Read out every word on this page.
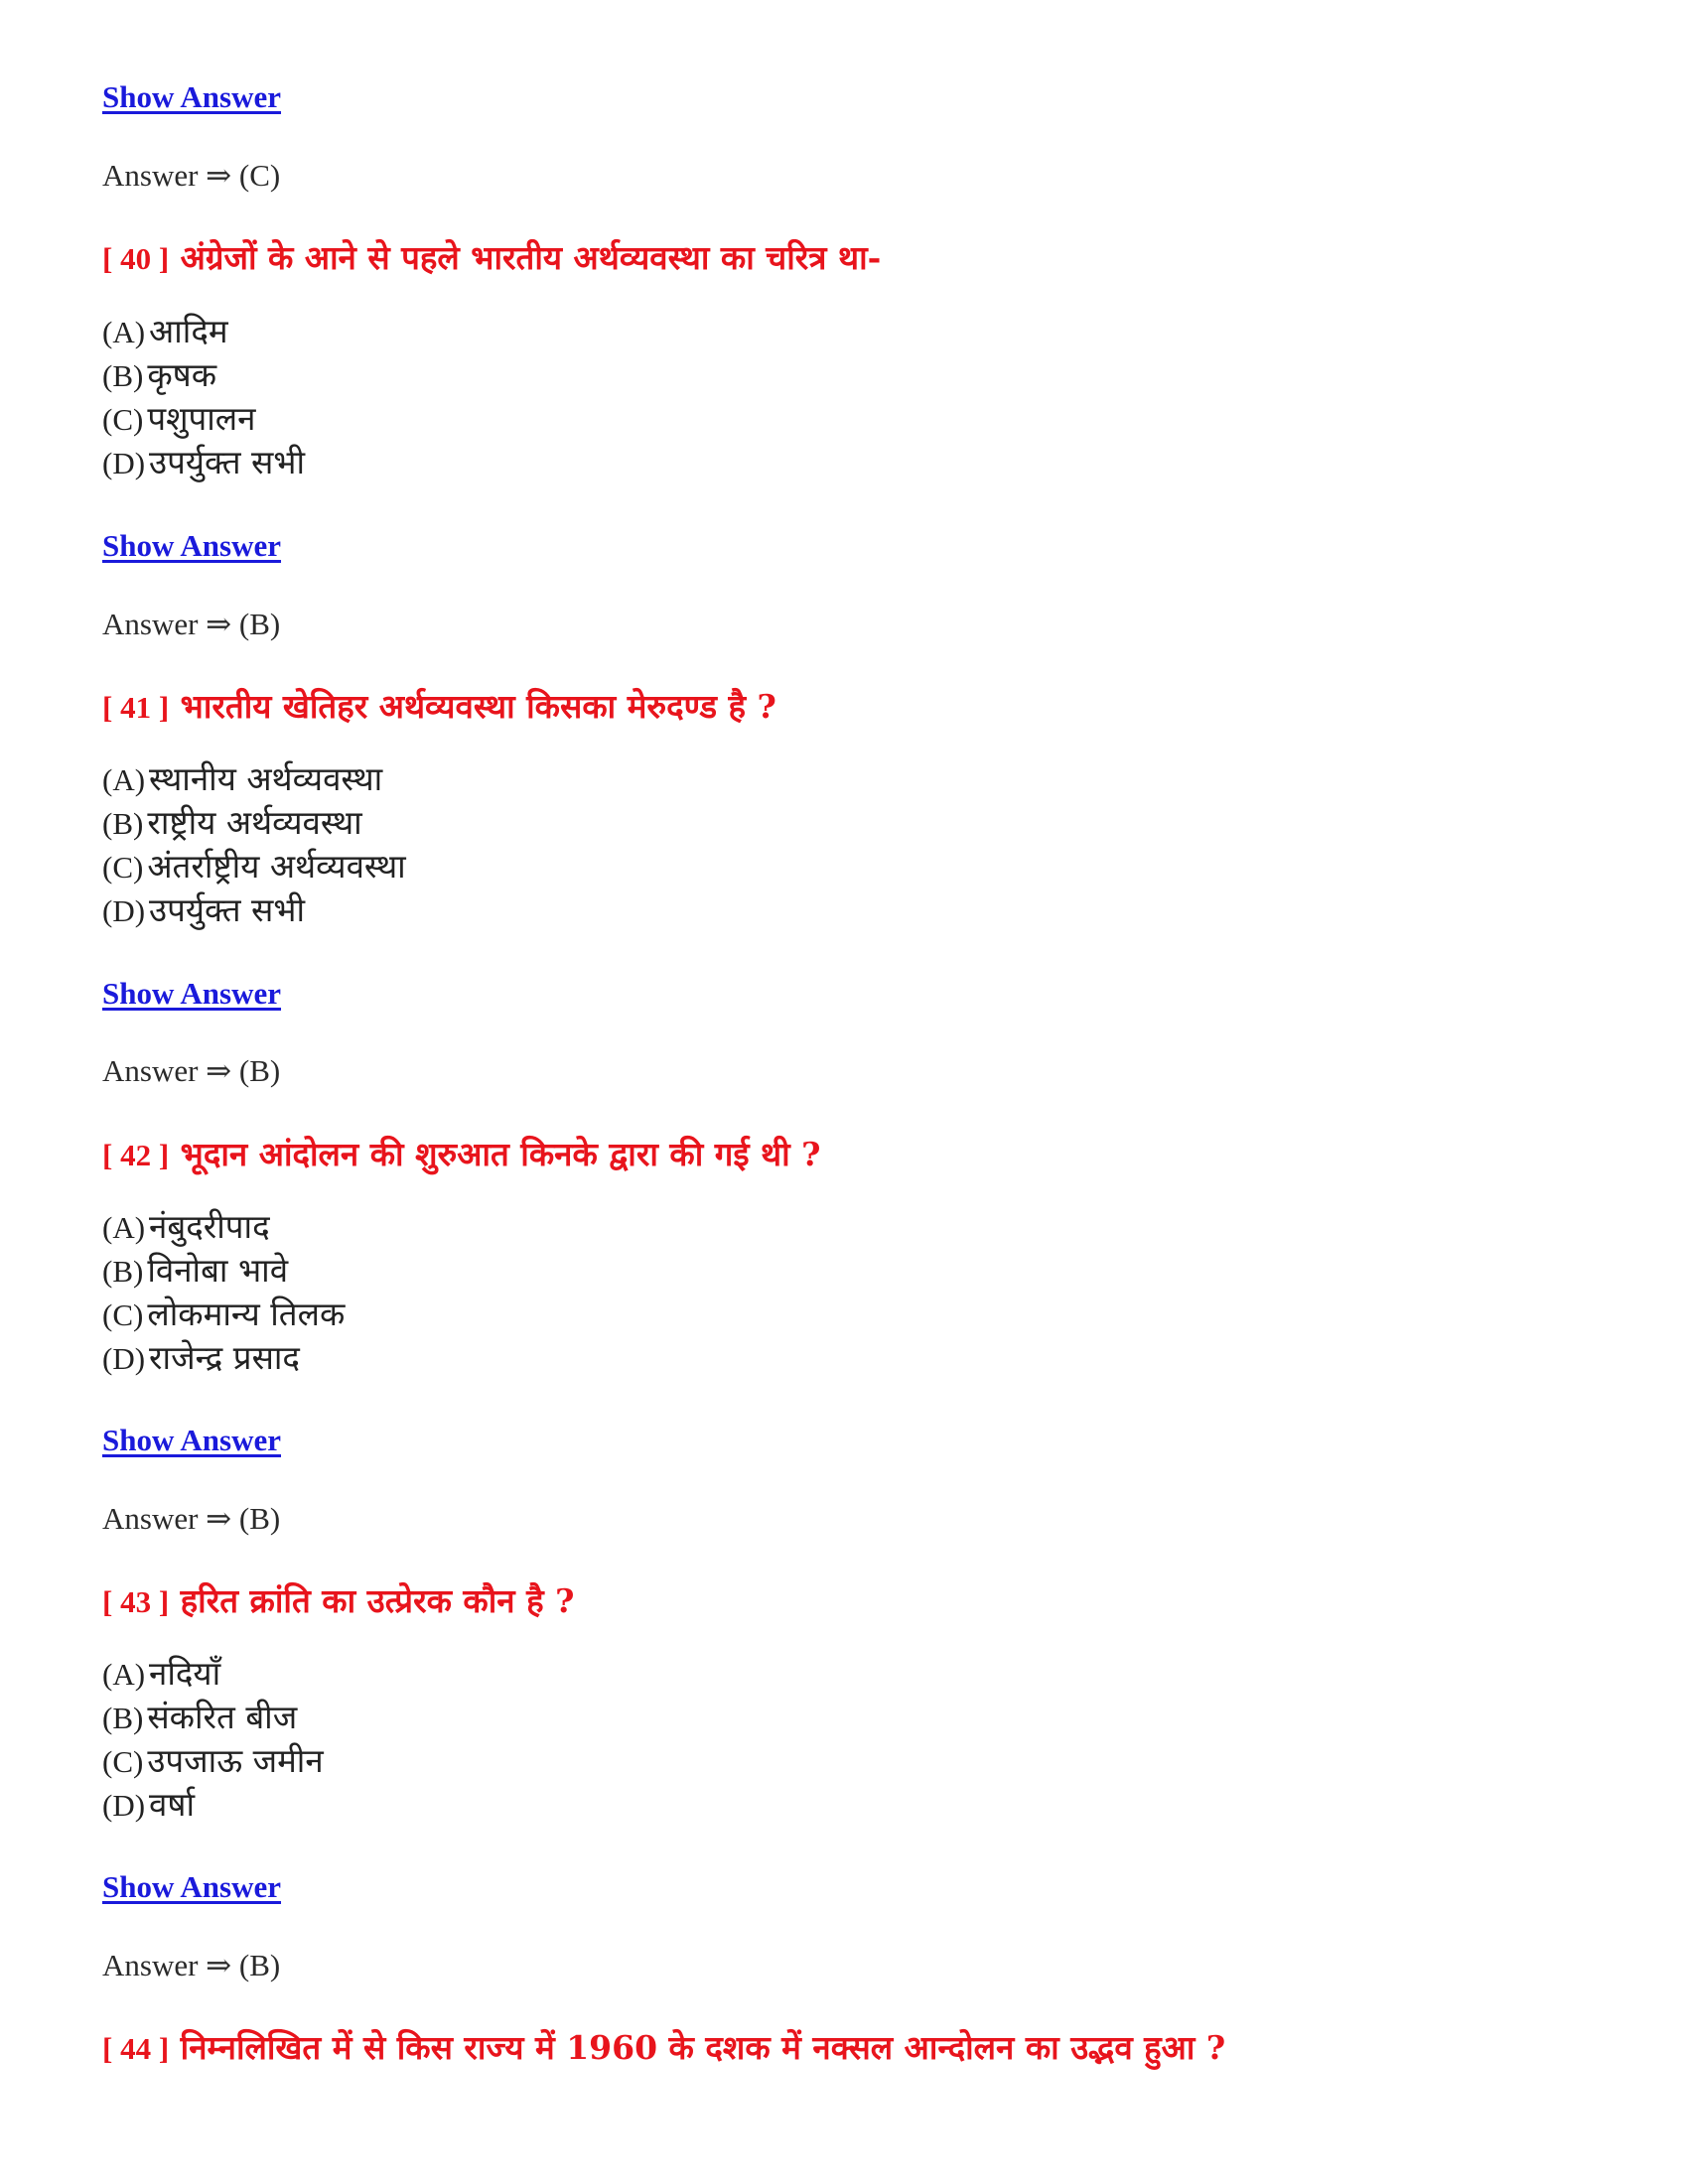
Show Answer
Answer ⇒ (C)
[ 40 ] अंग्रेजों के आने से पहले भारतीय अर्थव्यवस्था का चरित्र था-
(A) आदिम
(B) कृषक
(C) पशुपालन
(D) उपर्युक्त सभी
Show Answer
Answer ⇒ (B)
[ 41 ] भारतीय खेतिहर अर्थव्यवस्था किसका मेरुदण्ड है ?
(A) स्थानीय अर्थव्यवस्था
(B) राष्ट्रीय अर्थव्यवस्था
(C) अंतर्राष्ट्रीय अर्थव्यवस्था
(D) उपर्युक्त सभी
Show Answer
Answer ⇒ (B)
[ 42 ] भूदान आंदोलन की शुरुआत किनके द्वारा की गई थी ?
(A) नंबुदरीपाद
(B) विनोबा भावे
(C) लोकमान्य तिलक
(D) राजेन्द्र प्रसाद
Show Answer
Answer ⇒ (B)
[ 43 ] हरित क्रांति का उत्प्रेरक कौन है ?
(A) नदियाँ
(B) संकरित बीज
(C) उपजाऊ जमीन
(D) वर्षा
Show Answer
Answer ⇒ (B)
[ 44 ] निम्नलिखित में से किस राज्य में 1960 के दशक में नक्सल आन्दोलन का उद्भव हुआ ?
